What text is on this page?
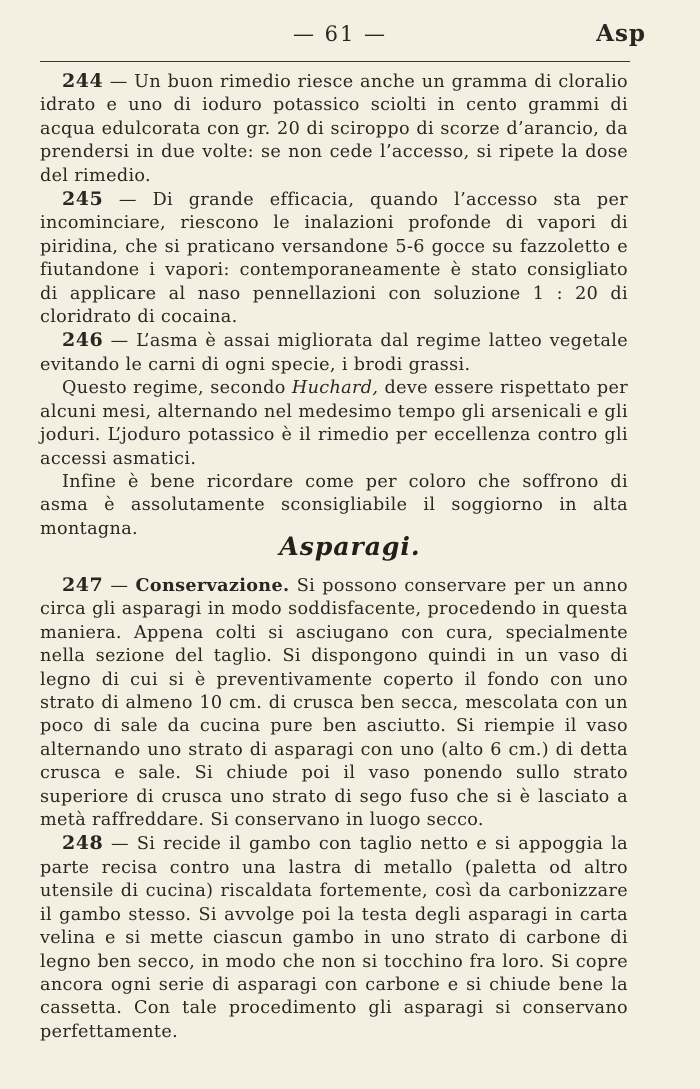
— 61 —	Asp

244 — Un buon rimedio riesce anche un gramma di cloralio idrato e uno di ioduro potassico sciolti in cento grammi di acqua edulcorata con gr. 20 di sciroppo di scorze d’arancio, da prendersi in due volte: se non cede l’accesso, si ripete la dose del rimedio.

245 — Di grande efficacia, quando l’accesso sta per incominciare, riescono le inalazioni profonde di vapori di piridina, che si praticano versandone 5-6 gocce su fazzoletto e fiutandone i vapori: contemporaneamente è stato consigliato di applicare al naso pennellazioni con soluzione 1 : 20 di cloridrato di cocaina.

246 — L’asma è assai migliorata dal regime latteo vegetale evitando le carni di ogni specie, i brodi grassi.

Questo regime, secondo Huchard, deve essere rispettato per alcuni mesi, alternando nel medesimo tempo gli arsenicali e gli joduri. L’joduro potassico è il rimedio per eccellenza contro gli accessi asmatici.

Infine è bene ricordare come per coloro che soffrono di asma è assolutamente sconsigliabile il soggiorno in alta montagna.

Asparagi.

247 — Conservazione. Si possono conservare per un anno circa gli asparagi in modo soddisfacente, procedendo in questa maniera. Appena colti si asciugano con cura, specialmente nella sezione del taglio. Si dispongono quindi in un vaso di legno di cui si è preventivamente coperto il fondo con uno strato di almeno 10 cm. di crusca ben secca, mescolata con un poco di sale da cucina pure ben asciutto. Si riempie il vaso alternando uno strato di asparagi con uno (alto 6 cm.) di detta crusca e sale. Si chiude poi il vaso ponendo sullo strato superiore di crusca uno strato di sego fuso che si è lasciato a metà raffreddare. Si conservano in luogo secco.

248 — Si recide il gambo con taglio netto e si appoggia la parte recisa contro una lastra di metallo (paletta od altro utensile di cucina) riscaldata fortemente, così da carbonizzare il gambo stesso. Si avvolge poi la testa degli asparagi in carta velina e si mette ciascun gambo in uno strato di carbone di legno ben secco, in modo che non si tocchino fra loro. Si copre ancora ogni serie di asparagi con carbone e si chiude bene la cassetta. Con tale procedimento gli asparagi si conservano perfettamente.
